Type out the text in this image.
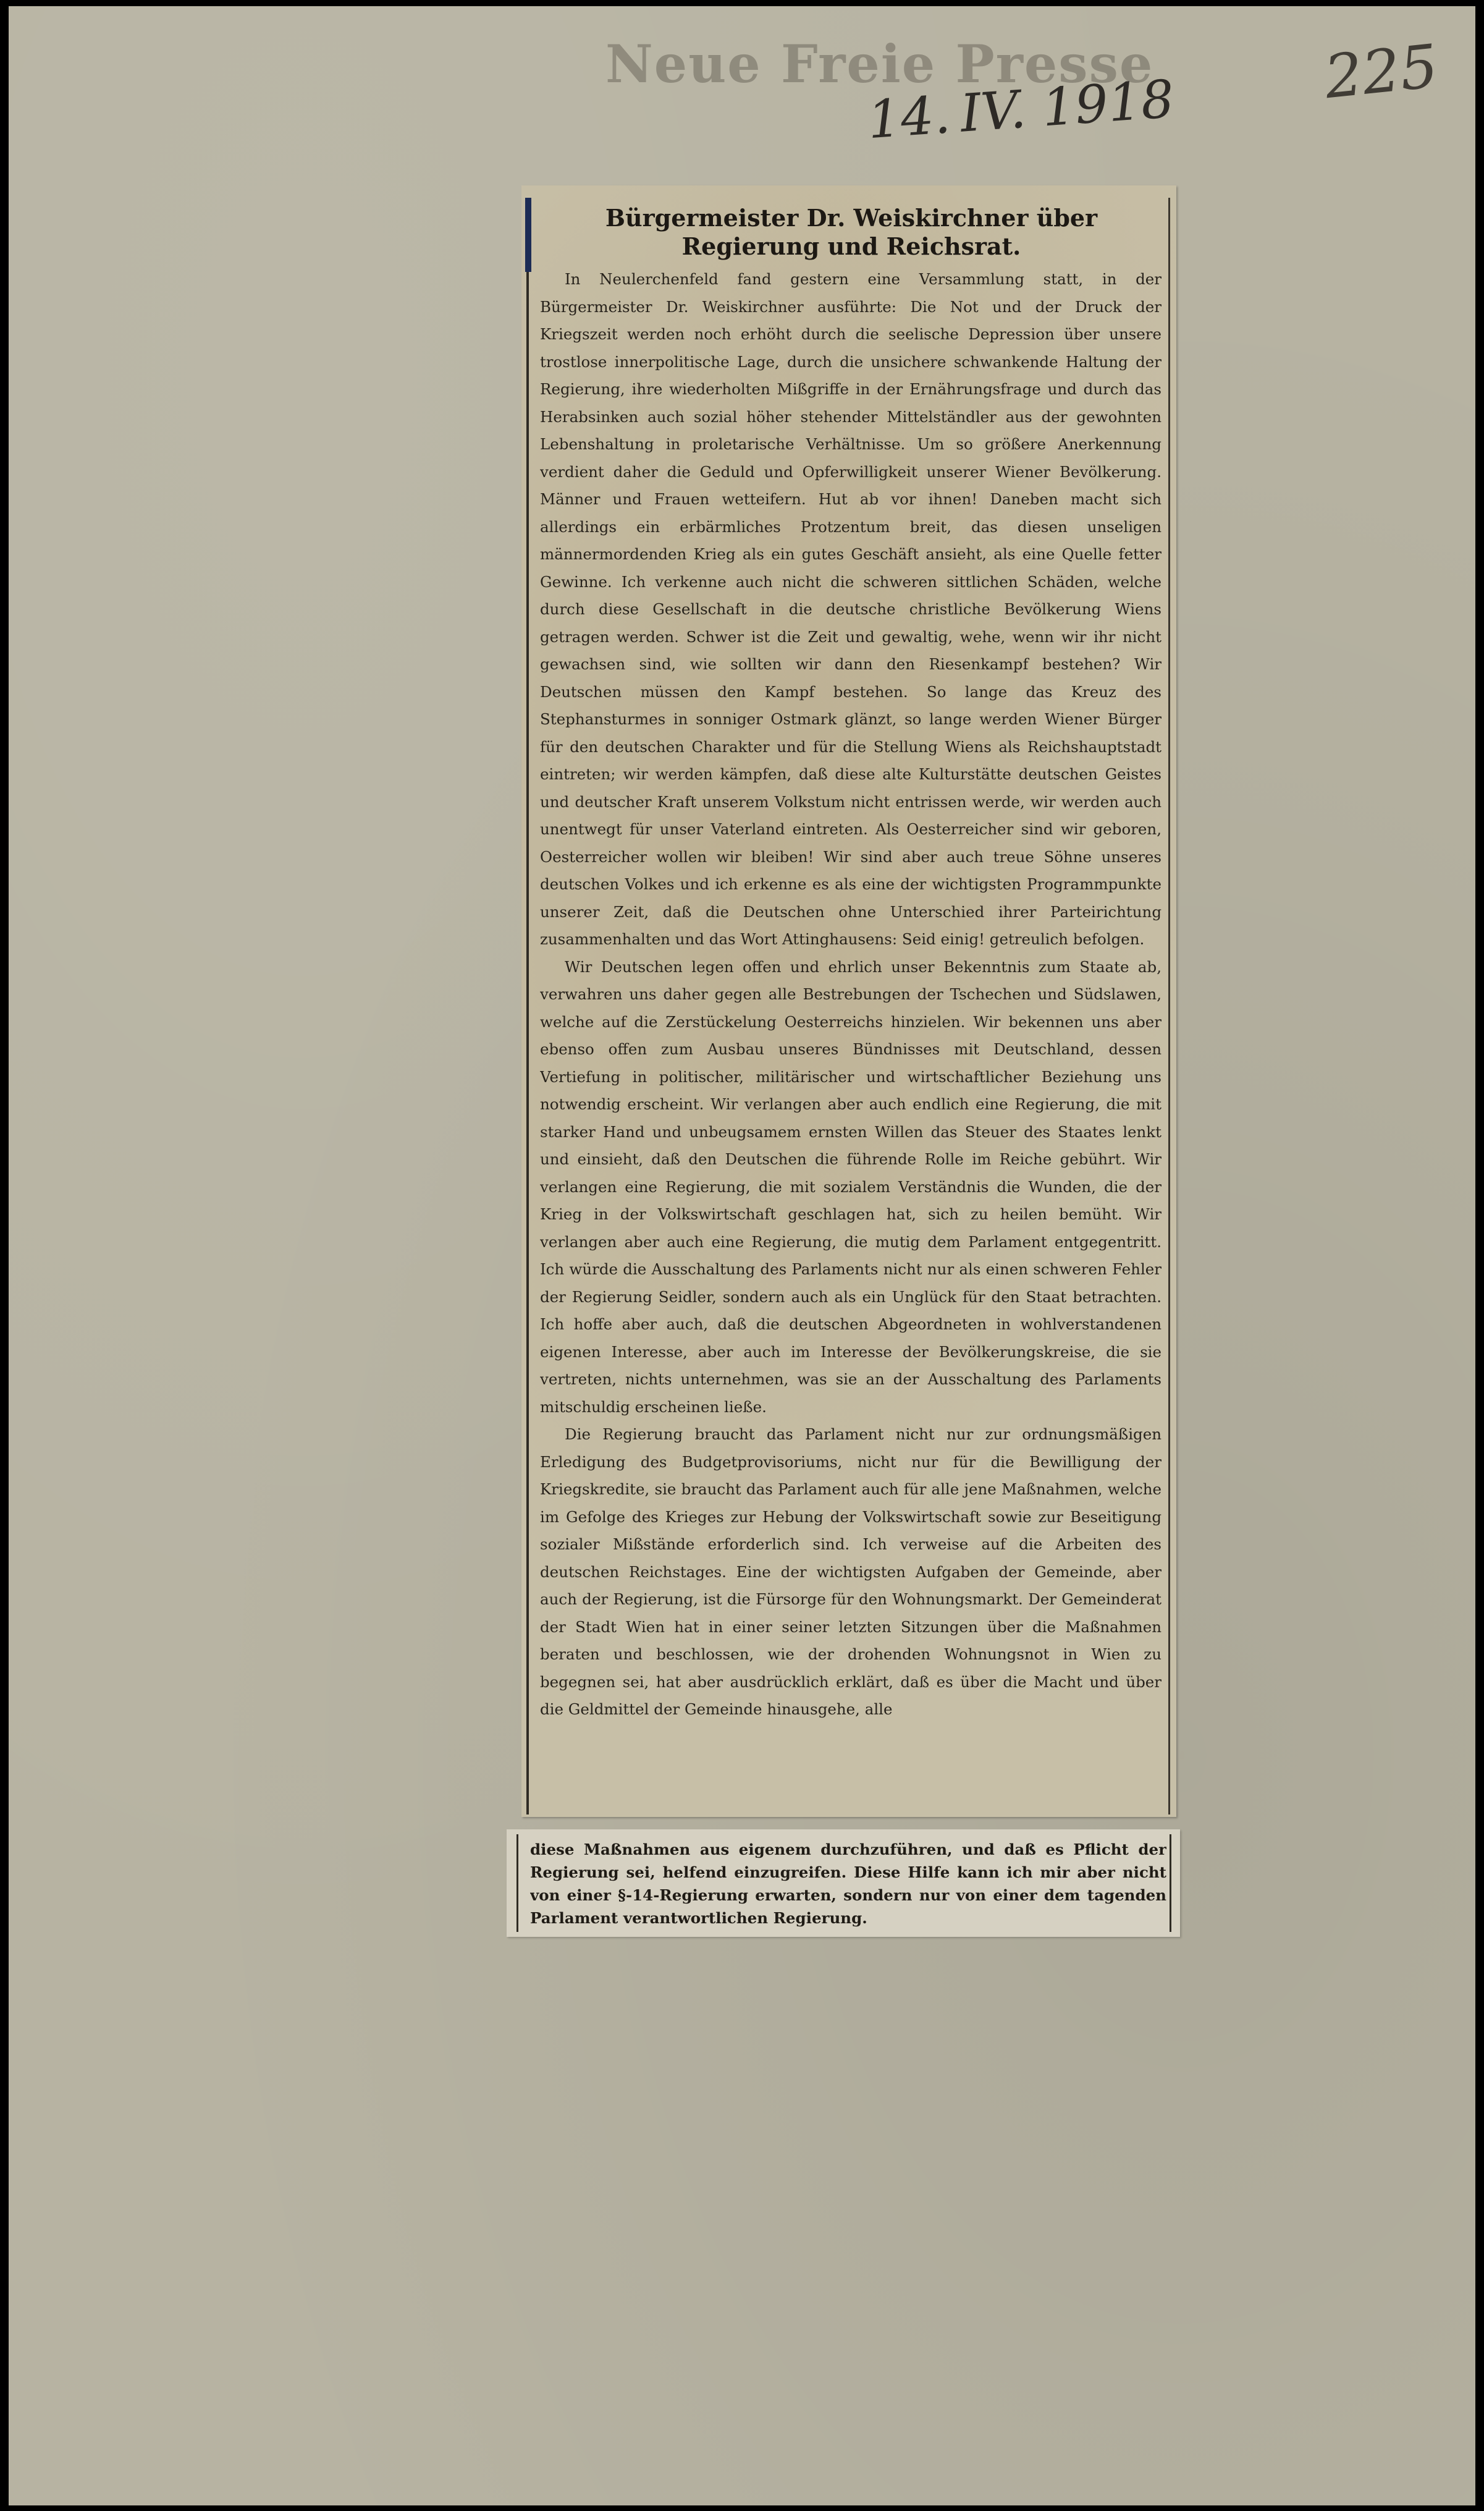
Neue Freie Presse
14. IV. 1918 225
Bürgermeister Dr. Weiskirchner über Regierung und Reichsrat.

In Neulerchenfeld fand gestern eine Versammlung statt, in der Bürgermeister Dr. Weiskirchner ausführte: Die Not und der Druck der Kriegszeit werden noch erhöht durch die seelische Depression über unsere trostlose innerpolitische Lage, durch die unsichere schwankende Haltung der Regierung, ihre wiederholten Mißgriffe in der Ernährungsfrage und durch das Herabsinken auch sozial höher stehender Mittelständler aus der gewohnten Lebenshaltung in proletarische Verhältnisse. Um so größere Anerkennung verdient daher die Geduld und Opferwilligkeit unserer Wiener Bevölkerung. Männer und Frauen wetteifern. Hut ab vor ihnen! Daneben macht sich allerdings ein erbärmliches Protzentum breit, das diesen unseligen männermordenden Krieg als ein gutes Geschäft ansieht, als eine Quelle fetter Gewinne. Ich verkenne auch nicht die schweren sittlichen Schäden, welche durch diese Gesellschaft in die deutsche christliche Bevölkerung Wiens getragen werden. Schwer ist die Zeit und gewaltig, wehe, wenn wir ihr nicht gewachsen sind, wie sollten wir dann den Riesenkampf bestehen? Wir Deutschen müssen den Kampf bestehen. So lange das Kreuz des Stephansturmes in sonniger Ostmark glänzt, so lange werden Wiener Bürger für den deutschen Charakter und für die Stellung Wiens als Reichshauptstadt eintreten; wir werden kämpfen, daß diese alte Kulturstätte deutschen Geistes und deutscher Kraft unserem Volkstum nicht entrissen werde, wir werden auch unentwegt für unser Vaterland eintreten. Als Oesterreicher sind wir geboren, Oesterreicher wollen wir bleiben! Wir sind aber auch treue Söhne unseres deutschen Volkes und ich erkenne es als eine der wichtigsten Programmpunkte unserer Zeit, daß die Deutschen ohne Unterschied ihrer Parteirichtung zusammenhalten und das Wort Attinghausens: Seid einig! getreulich befolgen.

Wir Deutschen legen offen und ehrlich unser Bekenntnis zum Staate ab, verwahren uns daher gegen alle Bestrebungen der Tschechen und Südslawen, welche auf die Zerstückelung Oesterreichs hinzielen. Wir bekennen uns aber ebenso offen zum Ausbau unseres Bündnisses mit Deutschland, dessen Vertiefung in politischer, militärischer und wirtschaftlicher Beziehung uns notwendig erscheint. Wir verlangen aber auch endlich eine Regierung, die mit starker Hand und unbeugsamem ernsten Willen das Steuer des Staates lenkt und einsieht, daß den Deutschen die führende Rolle im Reiche gebührt. Wir verlangen eine Regierung, die mit sozialem Verständnis die Wunden, die der Krieg in der Volkswirtschaft geschlagen hat, sich zu heilen bemüht. Wir verlangen aber auch eine Regierung, die mutig dem Parlament entgegentritt. Ich würde die Ausschaltung des Parlaments nicht nur als einen schweren Fehler der Regierung Seidler, sondern auch als ein Unglück für den Staat betrachten. Ich hoffe aber auch, daß die deutschen Abgeordneten in wohlverstandenen eigenen Interesse, aber auch im Interesse der Bevölkerungskreise, die sie vertreten, nichts unternehmen, was sie an der Ausschaltung des Parlaments mitschuldig erscheinen ließe.

Die Regierung braucht das Parlament nicht nur zur ordnungsmäßigen Erledigung des Budgetprovisoriums, nicht nur für die Bewilligung der Kriegskredite, sie braucht das Parlament auch für alle jene Maßnahmen, welche im Gefolge des Krieges zur Hebung der Volkswirtschaft sowie zur Beseitigung sozialer Mißstände erforderlich sind. Ich verweise auf die Arbeiten des deutschen Reichstages. Eine der wichtigsten Aufgaben der Gemeinde, aber auch der Regierung, ist die Fürsorge für den Wohnungsmarkt. Der Gemeinderat der Stadt Wien hat in einer seiner letzten Sitzungen über die Maßnahmen beraten und beschlossen, wie der drohenden Wohnungsnot in Wien zu begegnen sei, hat aber ausdrücklich erklärt, daß es über die Macht und über die Geldmittel der Gemeinde hinausgehe, alle

diese Maßnahmen aus eigenem durchzuführen, und daß es Pflicht der Regierung sei, helfend einzugreifen. Diese Hilfe kann ich mir aber nicht von einer §-14-Regierung erwarten, sondern nur von einer dem tagenden Parlament verantwortlichen Regierung.
